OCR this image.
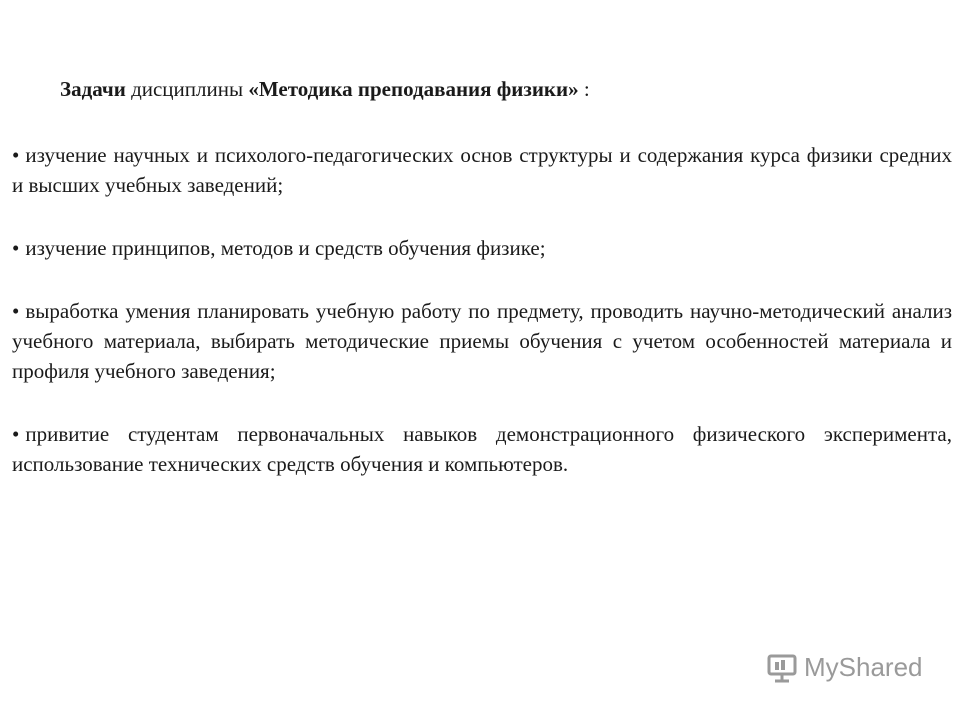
Задачи дисциплины «Методика преподавания физики» :
• изучение научных и психолого-педагогических основ структуры и содержания курса физики средних и высших учебных заведений;
• изучение принципов, методов и средств обучения физике;
• выработка умения планировать учебную работу по предмету, проводить научно-методический анализ учебного материала, выбирать методические приемы обучения с учетом особенностей материала и профиля учебного заведения;
• привитие студентам первоначальных навыков демонстрационного физического эксперимента, использование технических средств обучения и компьютеров.
MyShared
